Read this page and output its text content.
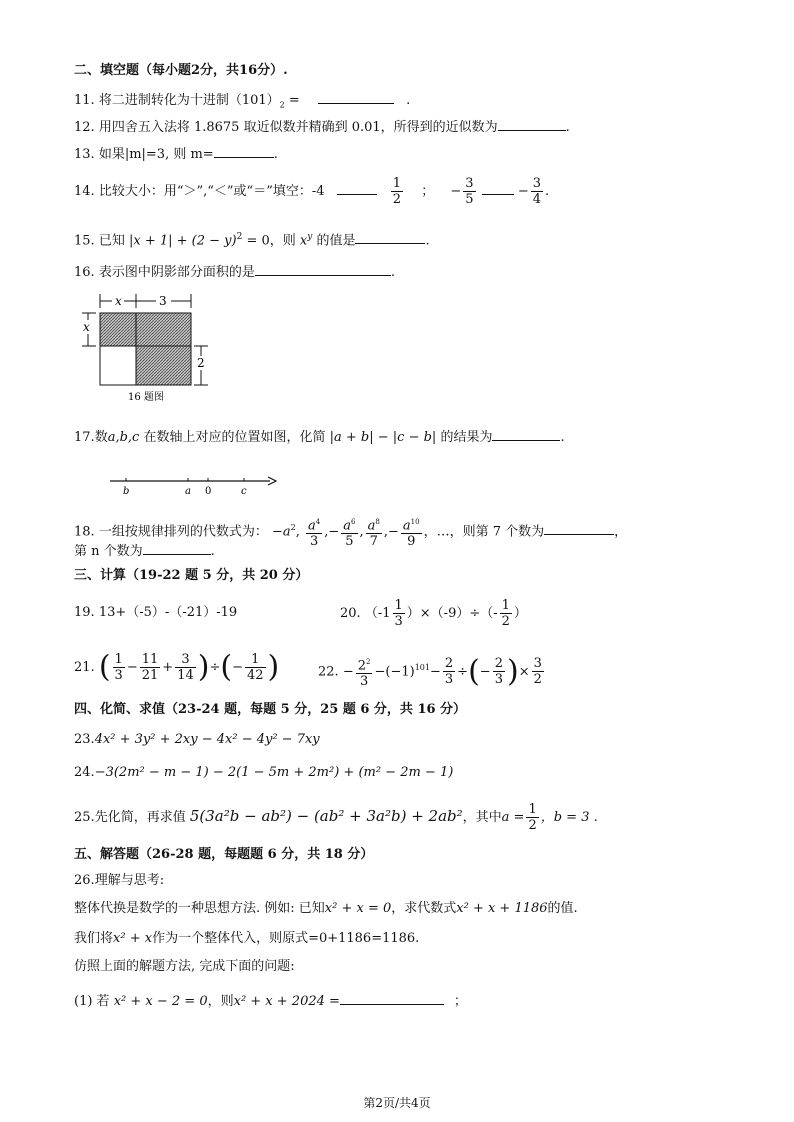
二、填空题（每小题2分，共16分）.
11. 将二进制转化为十进制$(101)_2$ =	.
12. 用四舍五入法将 1.8675 取近似数并精确到 0.01，所得到的近似数为	.
13. 如果|m|=3, 则 m=	.
14. 比较大小：用“＞”,“＜”或“＝”填空：-4	$\frac{1}{2}$ ； − $\frac{3}{5}$	− $\frac{3}{4}$ .
15. 已知 $|x + 1| + (2 - y)^2 = 0$，则 $x^y$ 的值是	.
16. 表示图中阴影部分面积的是	.
x	3
x
2
16 题图
17.数a,b,c 在数轴上对应的位置如图，化简 |a + b| − |c − b| 的结果为	.
b	a 0	c
18. 一组按规律排列的代数式为： $-a^2$, $\frac{a^4}{3}$ ,− $\frac{a^6}{5}$ , $\frac{a^8}{7}$ ,− $\frac{a^{10}}{9}$ ，…，则第 7 个数为	，
第 n 个数为	.
三、计算（19-22 题 5 分，共 20 分）
19. 13+（-5）-（-21）-19	20. $(-1 \frac{1}{3} )\times(-9)\div(- \frac{1}{2}$ ）
21. ( $\frac{1}{3} - \frac{11}{21} + \frac{3}{14}$ )÷(− $\frac{1}{42}$ )	22. − $\frac{2^2}{3} -(-1)^{101}- \frac{2}{3}$ ÷(− $\frac{2}{3}$ )× $\frac{3}{2}$
四、化简、求值（23-24 题，每题 5 分，25 题 6 分，共 16 分）
23.4x² + 3y² + 2xy − 4x² − 4y² − 7xy
24.−3(2m² − m − 1) − 2(1 − 5m + 2m²) + (m² − 2m − 1)
25.先化简，再求值 5(3a²b − ab²) − (ab² + 3a²b) + 2ab²，其中$a = \frac{1}{2}$ ，b = 3 .
五、解答题（26-28 题，每题题 6 分，共 18 分）
26.理解与思考:
整体代换是数学的一种思想方法. 例如: 已知x² + x = 0，求代数式x² + x + 1186的值.
我们将x² + x作为一个整体代入，则原式=0+1186=1186.
仿照上面的解题方法, 完成下面的问题:
(1) 若 x² + x − 2 = 0，则x² + x + 2024 =	；
第2页/共4页
